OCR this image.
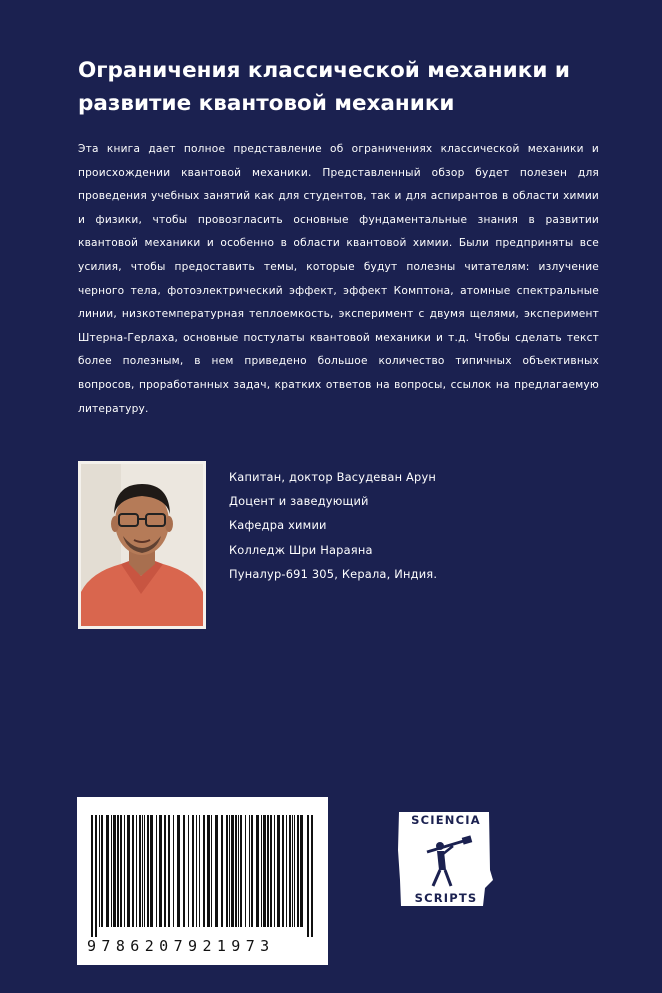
Ограничения классической механики и
развитие квантовой механики

Эта книга дает полное представление об ограничениях классической механики и происхождении квантовой механики. Представленный обзор будет полезен для проведения учебных занятий как для студентов, так и для аспирантов в области химии и физики, чтобы провозгласить основные фундаментальные знания в развитии квантовой механики и особенно в области квантовой химии. Были предприняты все усилия, чтобы предоставить темы, которые будут полезны читателям: излучение черного тела, фотоэлектрический эффект, эффект Комптона, атомные спектральные линии, низкотемпературная теплоемкость, эксперимент с двумя щелями, эксперимент Штерна-Герлаха, основные постулаты квантовой механики и т.д. Чтобы сделать текст более полезным, в нем приведено большое количество типичных объективных вопросов, проработанных задач, кратких ответов на вопросы, ссылок на предлагаемую литературу.

Капитан, доктор Васудеван Арун
Доцент и заведующий
Кафедра химии
Колледж Шри Нараяна
Пуналур-691 305, Керала, Индия.
9786207921973
SCIENCIA
SCRIPTS
